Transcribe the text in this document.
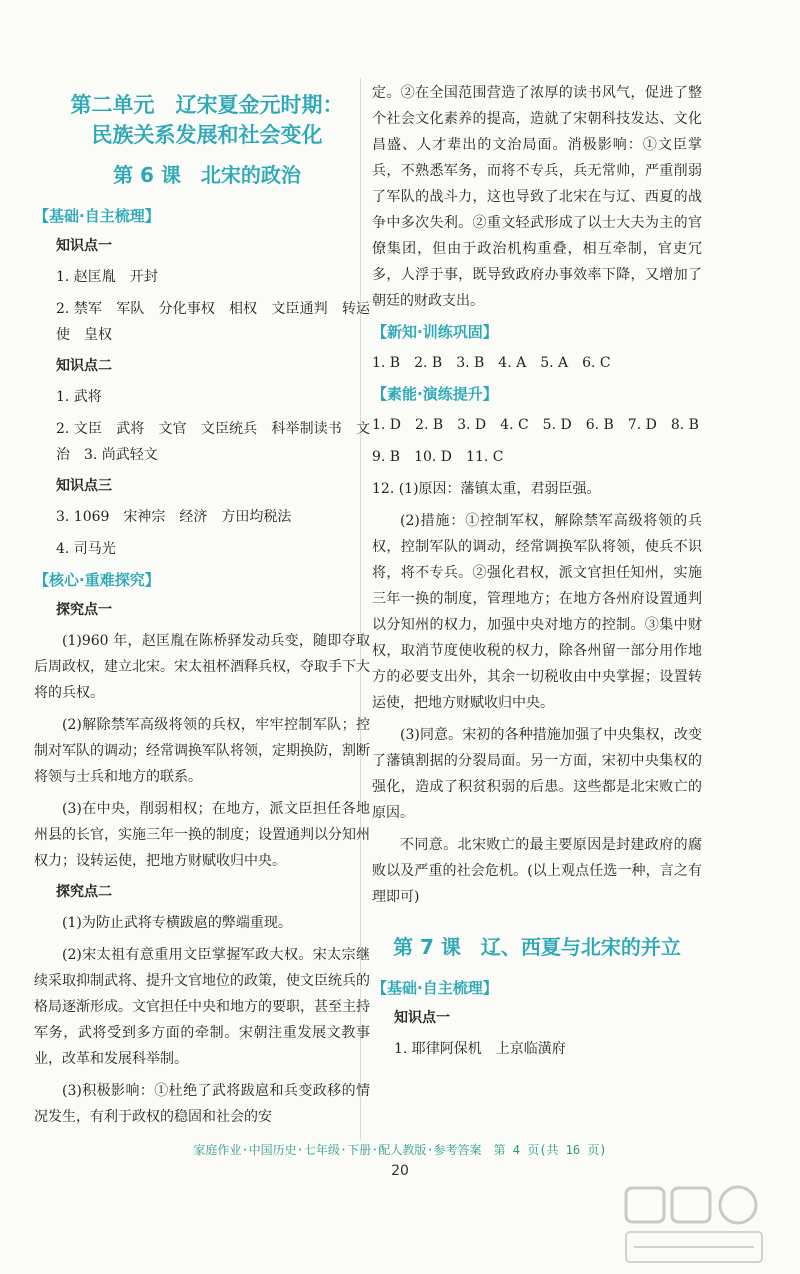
第二单元　辽宋夏金元时期：
民族关系发展和社会变化
第 6 课　北宋的政治
【基础·自主梳理】
知识点一
1. 赵匡胤　开封
2. 禁军　军队　分化事权　相权　文臣通判　转运使　皇权
知识点二
1. 武将
2. 文臣　武将　文官　文臣统兵　科举制读书　文治　3. 尚武轻文
知识点三
3. 1069　宋神宗　经济　方田均税法
4. 司马光
【核心·重难探究】
探究点一
(1)960 年，赵匡胤在陈桥驿发动兵变，随即夺取后周政权，建立北宋。宋太祖杯酒释兵权，夺取手下大将的兵权。
(2)解除禁军高级将领的兵权，牢牢控制军队；控制对军队的调动；经常调换军队将领，定期换防，割断将领与士兵和地方的联系。
(3)在中央，削弱相权；在地方，派文臣担任各地州县的长官，实施三年一换的制度；设置通判以分知州权力；设转运使，把地方财赋收归中央。
探究点二
(1)为防止武将专横跋扈的弊端重现。
(2)宋太祖有意重用文臣掌握军政大权。宋太宗继续采取抑制武将、提升文官地位的政策，使文臣统兵的格局逐渐形成。文官担任中央和地方的要职，甚至主持军务，武将受到多方面的牵制。宋朝注重发展文教事业，改革和发展科举制。
(3)积极影响：①杜绝了武将跋扈和兵变政移的情况发生，有利于政权的稳固和社会的安
定。②在全国范围营造了浓厚的读书风气，促进了整个社会文化素养的提高，造就了宋朝科技发达、文化昌盛、人才辈出的文治局面。消极影响：①文臣掌兵，不熟悉军务，而将不专兵，兵无常帅，严重削弱了军队的战斗力，这也导致了北宋在与辽、西夏的战争中多次失利。②重文轻武形成了以士大夫为主的官僚集团，但由于政治机构重叠，相互牵制，官吏冗多，人浮于事，既导致政府办事效率下降，又增加了朝廷的财政支出。
【新知·训练巩固】
1. B　2. B　3. B　4. A　5. A　6. C
【素能·演练提升】
1. D　2. B　3. D　4. C　5. D　6. B　7. D　8. B
9. B　10. D　11. C
12. (1)原因：藩镇太重，君弱臣强。
(2)措施：①控制军权，解除禁军高级将领的兵权，控制军队的调动，经常调换军队将领，使兵不识将，将不专兵。②强化君权，派文官担任知州，实施三年一换的制度，管理地方；在地方各州府设置通判以分知州的权力，加强中央对地方的控制。③集中财权，取消节度使收税的权力，除各州留一部分用作地方的必要支出外，其余一切税收由中央掌握；设置转运使，把地方财赋收归中央。
(3)同意。宋初的各种措施加强了中央集权，改变了藩镇割据的分裂局面。另一方面，宋初中央集权的强化，造成了积贫积弱的后患。这些都是北宋败亡的原因。
不同意。北宋败亡的最主要原因是封建政府的腐败以及严重的社会危机。(以上观点任选一种，言之有理即可)
第 7 课　辽、西夏与北宋的并立
【基础·自主梳理】
知识点一
1. 耶律阿保机　上京临潢府
家庭作业·中国历史·七年级·下册·配人教版·参考答案　第 4 页(共 16 页)
20
